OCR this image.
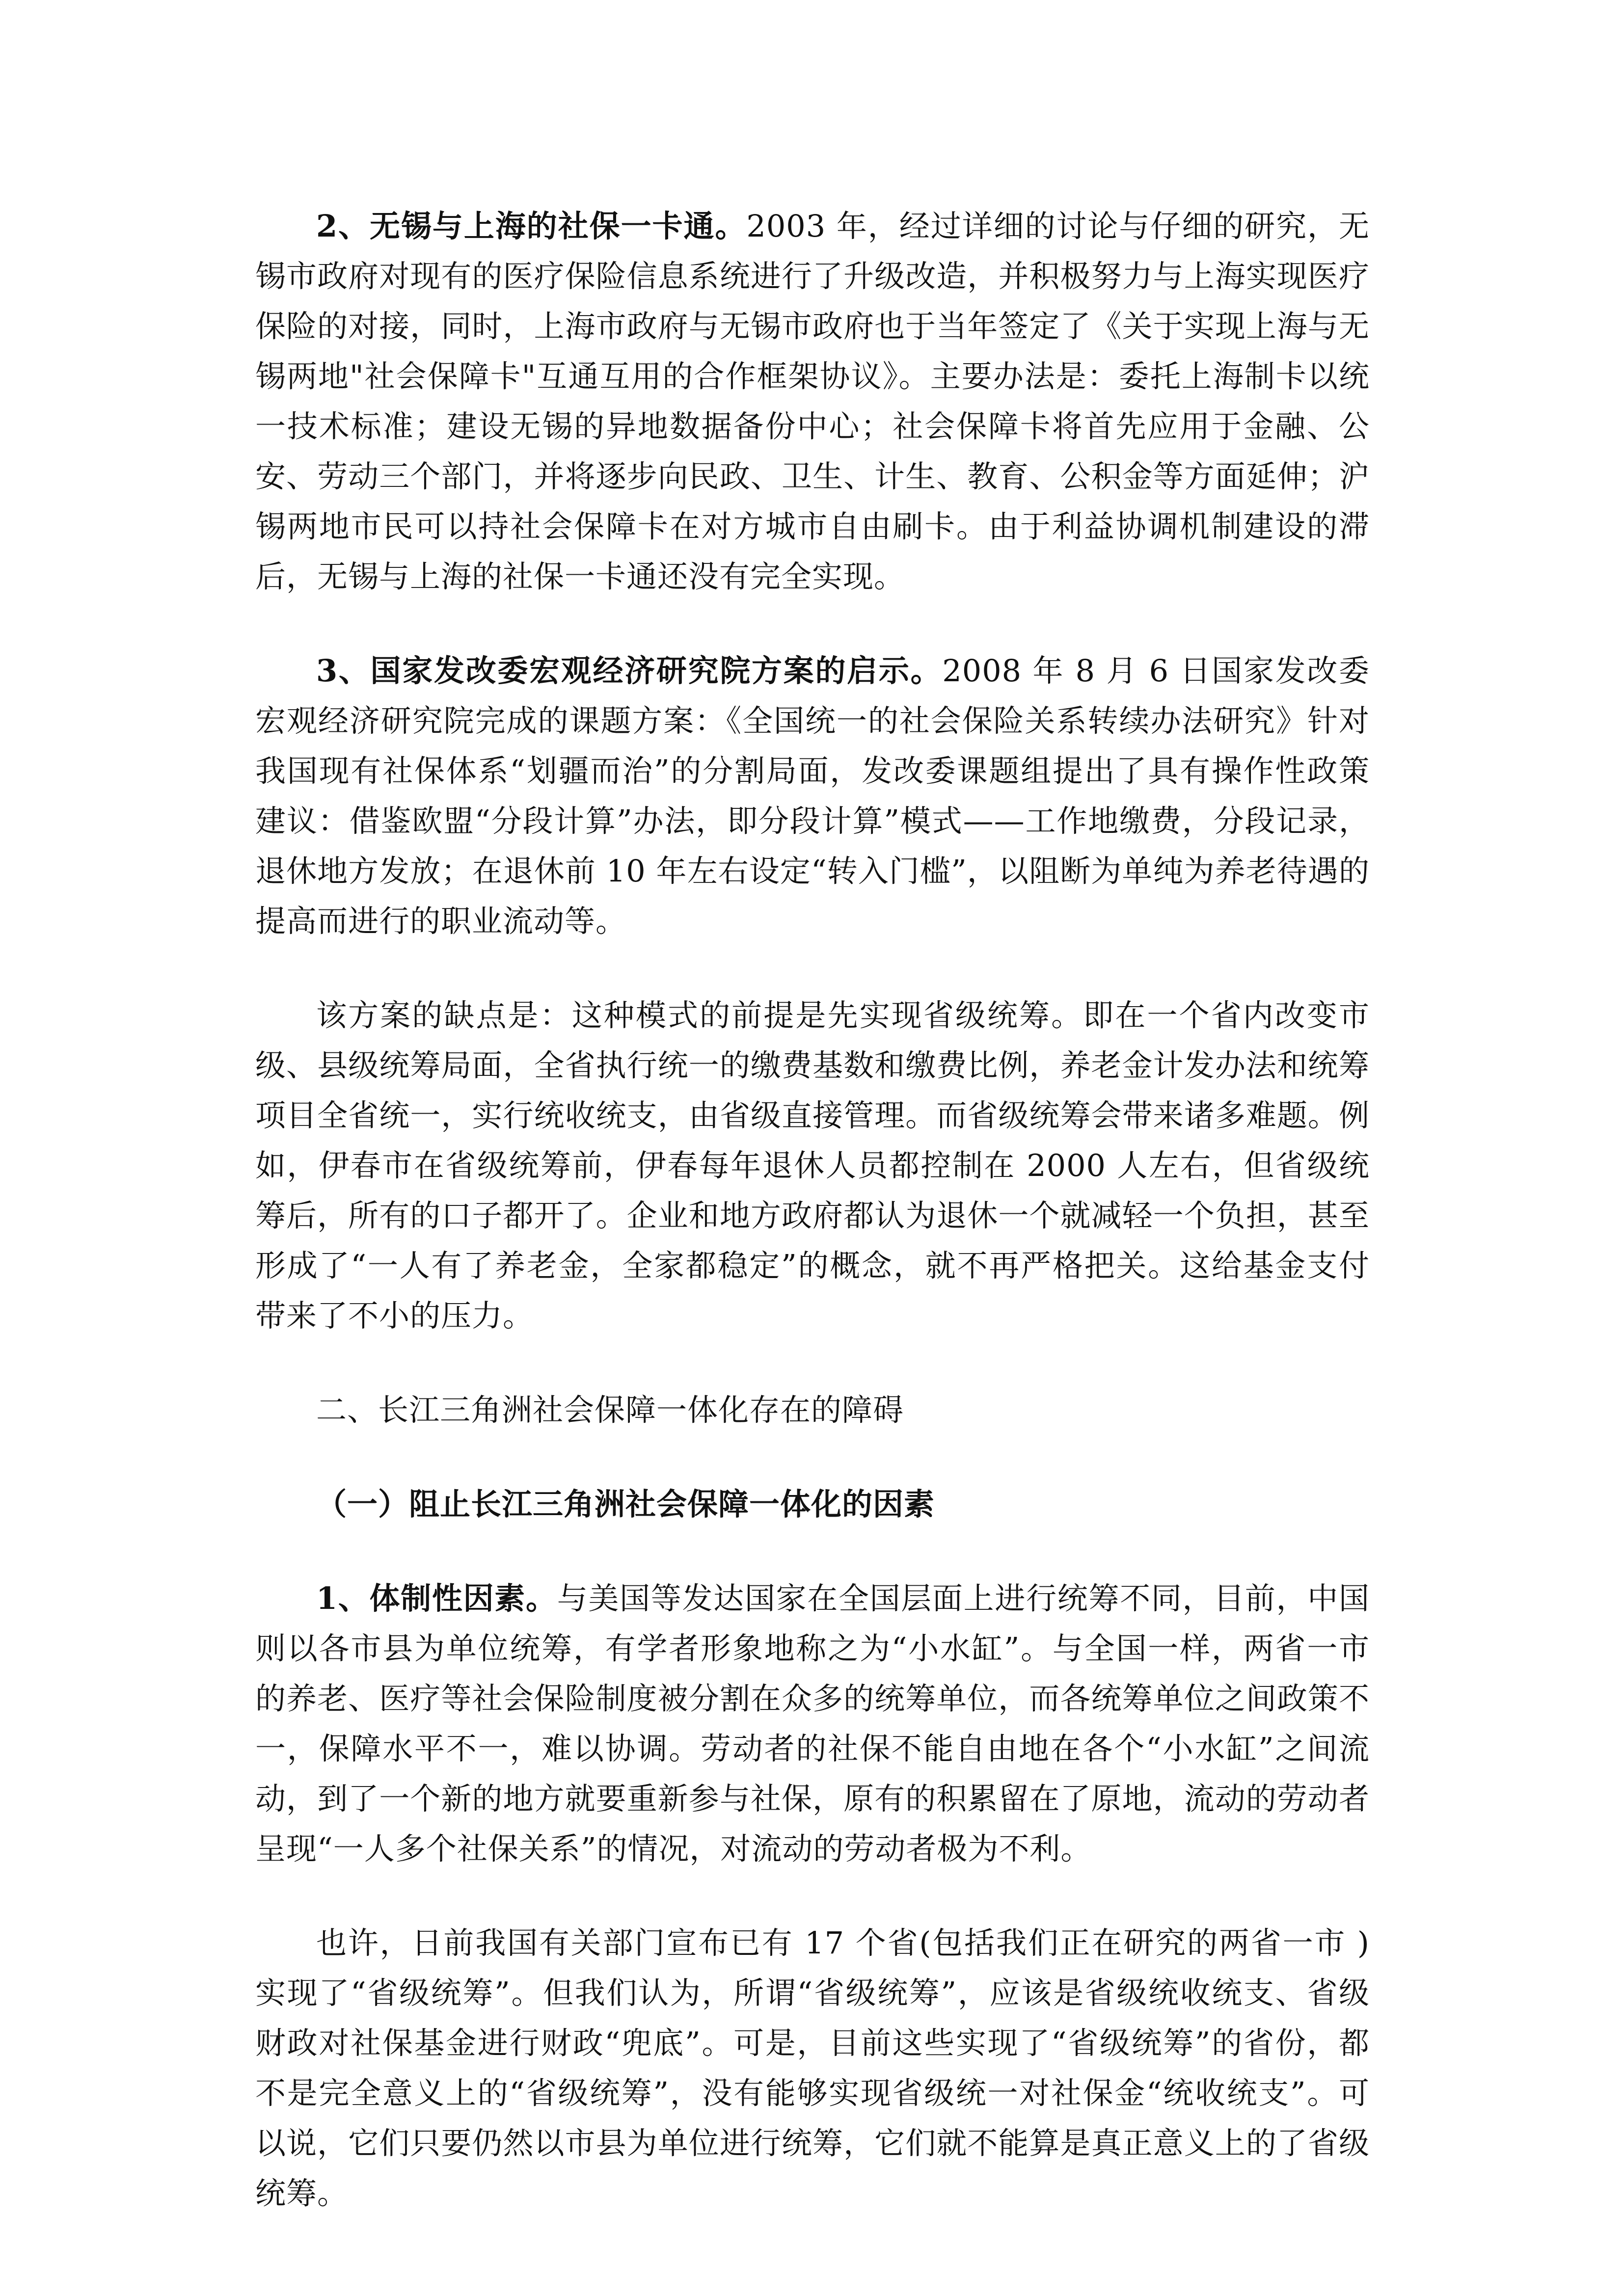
2、无锡与上海的社保一卡通。2003 年，经过详细的讨论与仔细的研究，无锡市政府对现有的医疗保险信息系统进行了升级改造，并积极努力与上海实现医疗保险的对接，同时，上海市政府与无锡市政府也于当年签定了《关于实现上海与无锡两地"社会保障卡"互通互用的合作框架协议》。主要办法是：委托上海制卡以统一技术标准；建设无锡的异地数据备份中心；社会保障卡将首先应用于金融、公安、劳动三个部门，并将逐步向民政、卫生、计生、教育、公积金等方面延伸；沪锡两地市民可以持社会保障卡在对方城市自由刷卡。由于利益协调机制建设的滞后，无锡与上海的社保一卡通还没有完全实现。

3、国家发改委宏观经济研究院方案的启示。2008 年 8 月 6 日国家发改委宏观经济研究院完成的课题方案：《全国统一的社会保险关系转续办法研究》针对我国现有社保体系“划疆而治”的分割局面，发改委课题组提出了具有操作性政策建议：借鉴欧盟“分段计算”办法，即分段计算”模式——工作地缴费，分段记录，退休地方发放；在退休前 10 年左右设定“转入门槛”，以阻断为单纯为养老待遇的提高而进行的职业流动等。

该方案的缺点是：这种模式的前提是先实现省级统筹。即在一个省内改变市级、县级统筹局面，全省执行统一的缴费基数和缴费比例，养老金计发办法和统筹项目全省统一，实行统收统支，由省级直接管理。而省级统筹会带来诸多难题。例如，伊春市在省级统筹前，伊春每年退休人员都控制在 2000 人左右，但省级统筹后，所有的口子都开了。企业和地方政府都认为退休一个就减轻一个负担，甚至形成了“一人有了养老金，全家都稳定”的概念，就不再严格把关。这给基金支付带来了不小的压力。

二、长江三角洲社会保障一体化存在的障碍

（一）阻止长江三角洲社会保障一体化的因素

1、体制性因素。与美国等发达国家在全国层面上进行统筹不同，目前，中国则以各市县为单位统筹，有学者形象地称之为“小水缸”。与全国一样，两省一市的养老、医疗等社会保险制度被分割在众多的统筹单位，而各统筹单位之间政策不一，保障水平不一，难以协调。劳动者的社保不能自由地在各个“小水缸”之间流动，到了一个新的地方就要重新参与社保，原有的积累留在了原地，流动的劳动者呈现“一人多个社保关系”的情况，对流动的劳动者极为不利。

也许，日前我国有关部门宣布已有 17 个省(包括我们正在研究的两省一市 )实现了“省级统筹”。但我们认为，所谓“省级统筹”，应该是省级统收统支、省级财政对社保基金进行财政“兜底”。可是，目前这些实现了“省级统筹”的省份，都不是完全意义上的“省级统筹”，没有能够实现省级统一对社保金“统收统支”。可以说，它们只要仍然以市县为单位进行统筹，它们就不能算是真正意义上的了省级统筹。
